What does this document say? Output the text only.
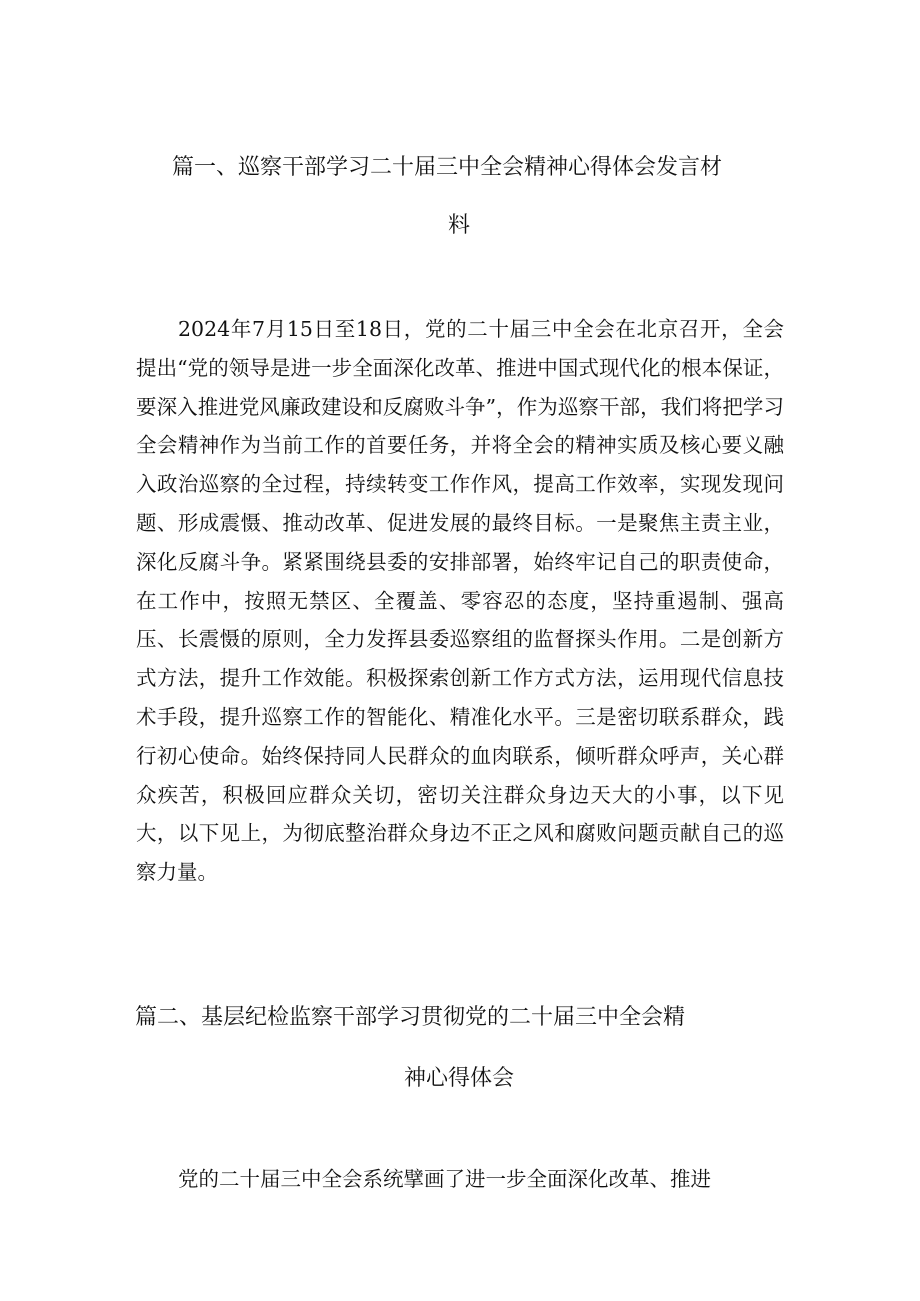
篇一、巡察干部学习二十届三中全会精神心得体会发言材
料

2024年7月15日至18日，党的二十届三中全会在北京召开，全会提出“党的领导是进一步全面深化改革、推进中国式现代化的根本保证，要深入推进党风廉政建设和反腐败斗争”，作为巡察干部，我们将把学习全会精神作为当前工作的首要任务，并将全会的精神实质及核心要义融入政治巡察的全过程，持续转变工作作风，提高工作效率，实现发现问题、形成震慑、推动改革、促进发展的最终目标。一是聚焦主责主业，深化反腐斗争。紧紧围绕县委的安排部署，始终牢记自己的职责使命，在工作中，按照无禁区、全覆盖、零容忍的态度，坚持重遏制、强高压、长震慑的原则，全力发挥县委巡察组的监督探头作用。二是创新方式方法，提升工作效能。积极探索创新工作方式方法，运用现代信息技术手段，提升巡察工作的智能化、精准化水平。三是密切联系群众，践行初心使命。始终保持同人民群众的血肉联系，倾听群众呼声，关心群众疾苦，积极回应群众关切，密切关注群众身边天大的小事，以下见大，以下见上，为彻底整治群众身边不正之风和腐败问题贡献自己的巡察力量。

篇二、基层纪检监察干部学习贯彻党的二十届三中全会精
神心得体会

党的二十届三中全会系统擘画了进一步全面深化改革、推进
